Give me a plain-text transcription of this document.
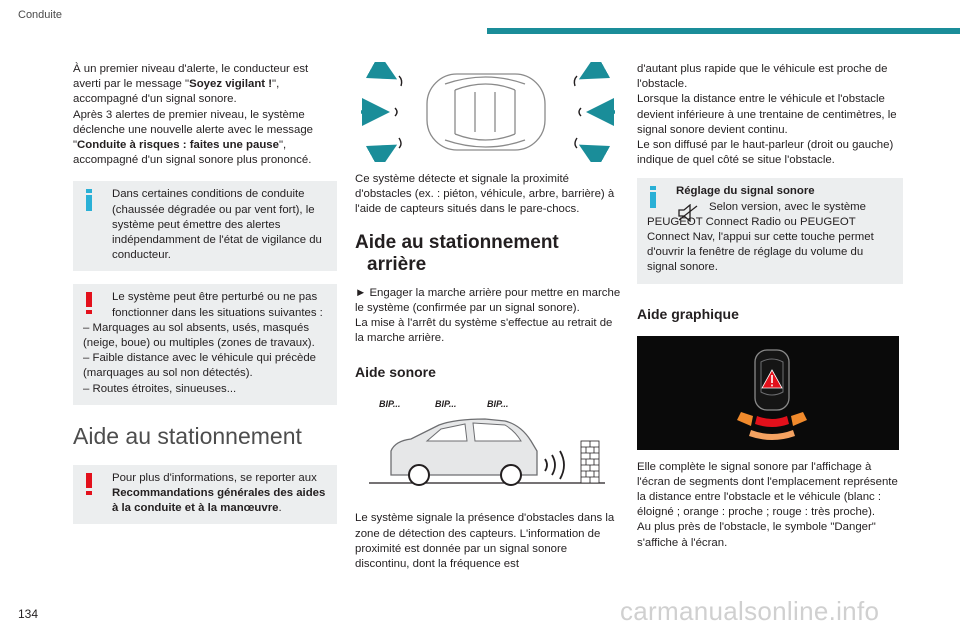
Conduite

À un premier niveau d'alerte, le conducteur est averti par le message "Soyez vigilant !", accompagné d'un signal sonore.

Après 3 alertes de premier niveau, le système déclenche une nouvelle alerte avec le message "Conduite à risques : faites une pause", accompagné d'un signal sonore plus prononcé.

Dans certaines conditions de conduite (chaussée dégradée ou par vent fort), le système peut émettre des alertes indépendamment de l'état de vigilance du conducteur.

Le système peut être perturbé ou ne pas fonctionner dans les situations suivantes :

– Marquages au sol absents, usés, masqués (neige, boue) ou multiples (zones de travaux).

– Faible distance avec le véhicule qui précède (marquages au sol non détectés).

– Routes étroites, sinueuses...

Aide au stationnement

Pour plus d'informations, se reporter aux Recommandations générales des aides à la conduite et à la manœuvre.

Ce système détecte et signale la proximité d'obstacles (ex. : piéton, véhicule, arbre, barrière) à l'aide de capteurs situés dans le pare-chocs.

Aide au stationnement
arrière

► Engager la marche arrière pour mettre en marche le système (confirmée par un signal sonore).

La mise à l'arrêt du système s'effectue au retrait de la marche arrière.

Aide sonore
BIP...	BIP...	BIP...

Le système signale la présence d'obstacles dans la zone de détection des capteurs. L'information de proximité est donnée par un signal sonore discontinu, dont la fréquence est

d'autant plus rapide que le véhicule est proche de l'obstacle.

Lorsque la distance entre le véhicule et l'obstacle devient inférieure à une trentaine de centimètres, le signal sonore devient continu.

Le son diffusé par le haut-parleur (droit ou gauche) indique de quel côté se situe l'obstacle.

Réglage du signal sonore

Selon version, avec le système PEUGEOT Connect Radio ou PEUGEOT Connect Nav, l'appui sur cette touche permet d'ouvrir la fenêtre de réglage du volume du signal sonore.

Aide graphique

Elle complète le signal sonore par l'affichage à l'écran de segments dont l'emplacement représente la distance entre l'obstacle et le véhicule (blanc : éloigné ; orange : proche ; rouge : très proche).

Au plus près de l'obstacle, le symbole "Danger" s'affiche à l'écran.

134	carmanualsonline.info
